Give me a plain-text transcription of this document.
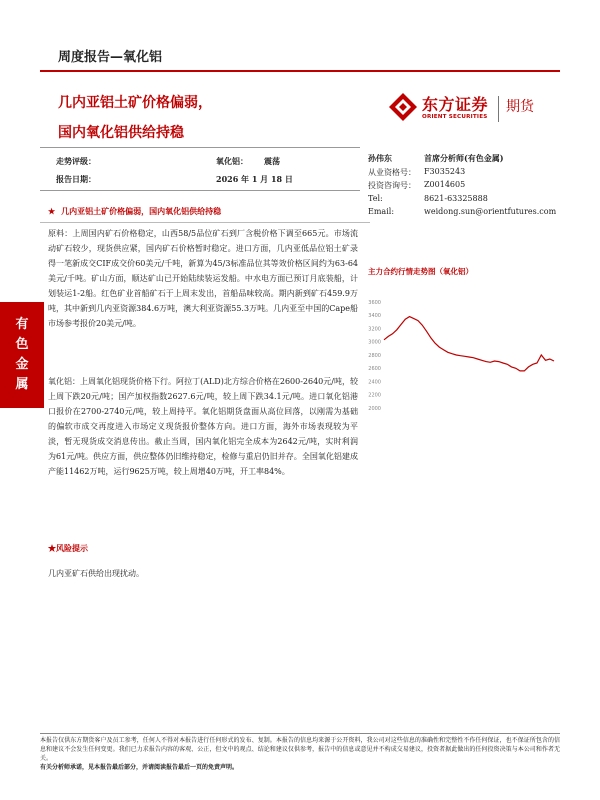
周度报告—氧化铝
几内亚铝土矿价格偏弱，
国内氧化铝供给持稳
东方证券
ORIENT SECURITIES
期货
走势评级：	氧化铝： 震荡
报告日期：	2026 年 1 月 18 日
孙伟东	首席分析师(有色金属)
从业资格号： F3035243
投资咨询号： Z0014605
Tel:	8621-63325888
Email:	weidong.sun@orientfutures.com
★ 几内亚铝土矿价格偏弱，国内氧化铝供给持稳
有
色
金
属

原料：上周国内矿石价格稳定，山西58/5品位矿石到厂含税价格下调至665元。市场流动矿石较少，现货供应紧，国内矿石价格暂时稳定。进口方面，几内亚低品位铝土矿录得一笔新成交CIF成交价60美元/千吨，新算为45/3标准品位其等效价格区间约为63-64美元/千吨。矿山方面，顺达矿山已开始陆续装运发船。中水电方面已预订月底装船，计划装运1-2船。红色矿业首船矿石于上周末发出，首船品味较高。期内新到矿石459.9万吨，其中新到几内亚资源384.6万吨，澳大利亚资源55.3万吨。几内亚至中国的Cape船市场参考报价20美元/吨。

氧化铝：上周氧化铝现货价格下行。阿拉丁(ALD)北方综合价格在2600-2640元/吨，较上周下跌20元/吨；国产加权指数2627.6元/吨，较上周下跌34.1元/吨。进口氧化铝港口报价在2700-2740元/吨，较上周持平。氧化铝期货盘面从高位回落，以刚需为基础的偏软市成交再度进入市场定义现货报价整体方向。进口方面，海外市场表现较为平淡，暂无现货成交消息传出。截止当周，国内氧化铝完全成本为2642元/吨，实时利润为61元/吨。供应方面，供应整体仍旧维持稳定，检修与重启仍旧并存。全国氧化铝建成产能11462万吨，运行9625万吨，较上周增40万吨，开工率84%。

★风险提示

几内亚矿石供给出现扰动。

主力合约行情走势图（氧化铝）
3600
3400
3200
3000
2800
2600
2400
2200
2000
本报告仅供东方期货客户及员工参考，任何人不得对本报告进行任何形式的发布、复制。本报告的信息均来源于公开资料，我公司对这些信息的准确性和完整性不作任何保证，也不保证所包含的信息和建议不会发生任何变更。我们已力求报告内容的客观、公正，但文中的观点、结论和建议仅供参考，报告中的信息或意见并不构成交易建议，投资者据此做出的任何投资决策与本公司和作者无关。
有关分析师承诺，见本报告最后部分，并请阅读报告最后一页的免责声明。
